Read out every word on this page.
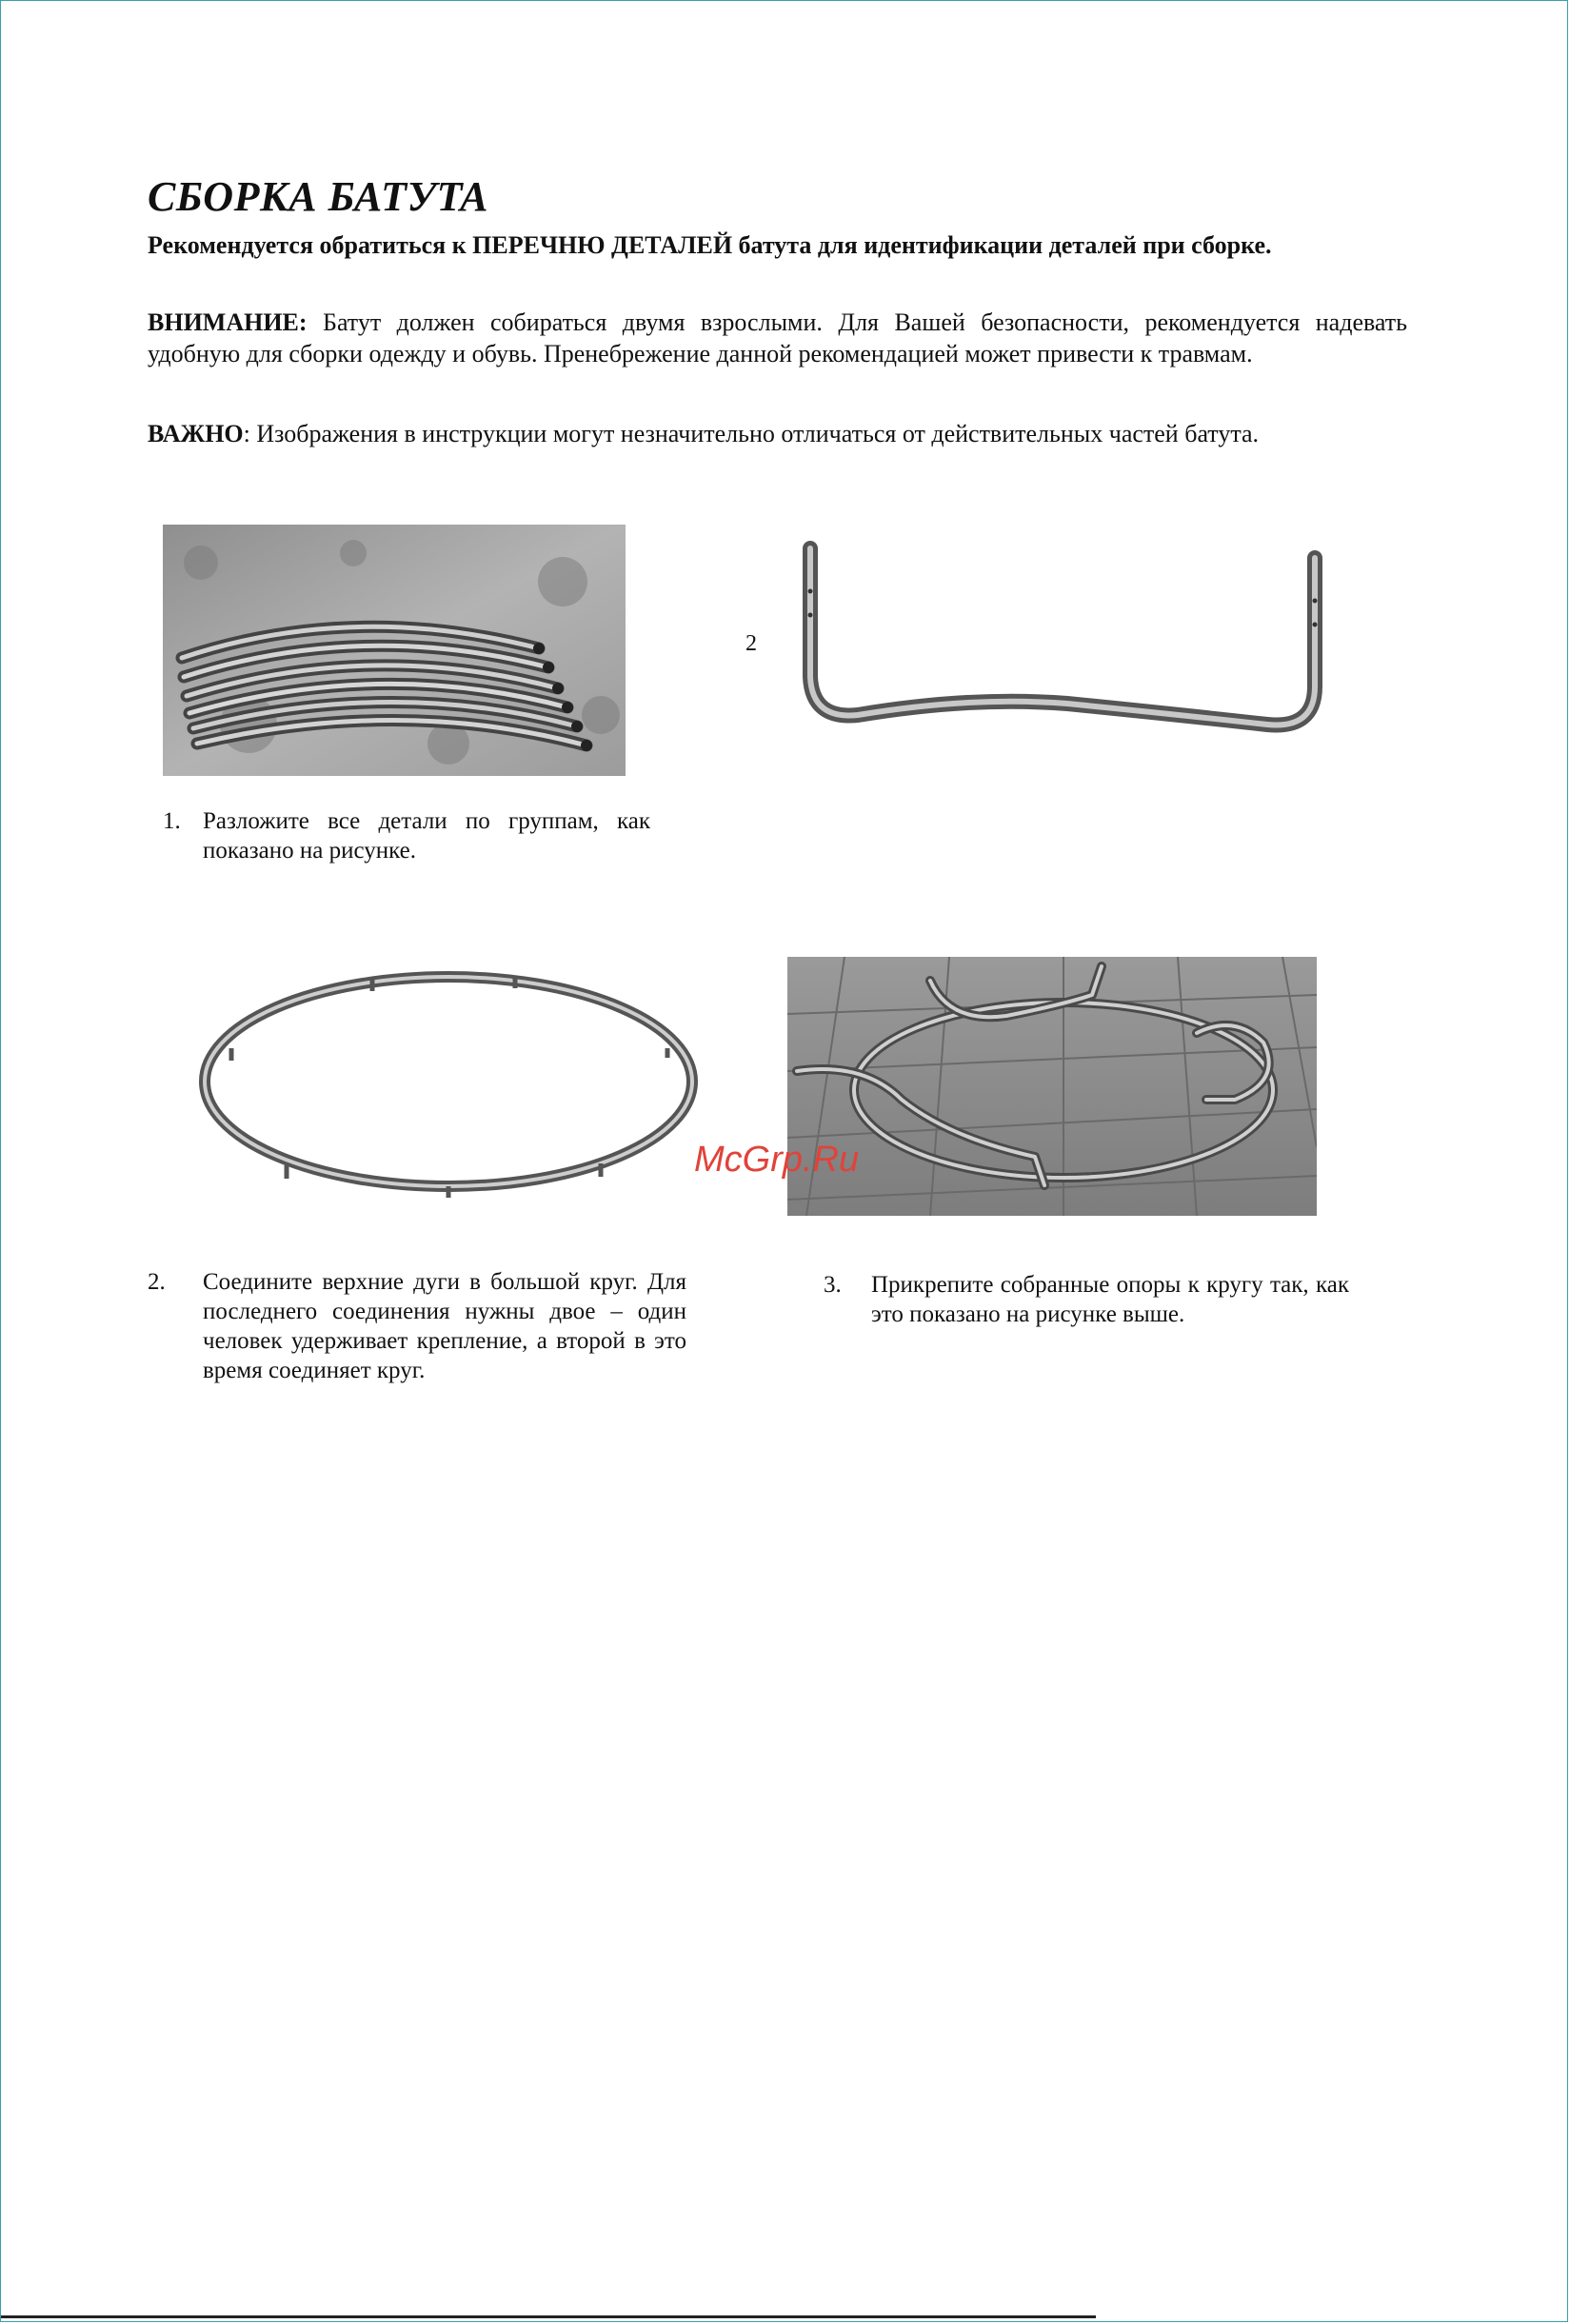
СБОРКА БАТУТА
Рекомендуется обратиться к ПЕРЕЧНЮ ДЕТАЛЕЙ батута для идентификации деталей при сборке.
ВНИМАНИЕ: Батут должен собираться двумя взрослыми. Для Вашей безопасности, рекомендуется надевать удобную для сборки одежду и обувь. Пренебрежение данной рекомендацией может привести к травмам.
ВАЖНО: Изображения в инструкции могут незначительно отличаться от действительных частей батута.
2
1. Разложите все детали по группам, как показано на рисунке.
McGrp.Ru
2. Соедините верхние дуги в большой круг. Для последнего соединения нужны двое – один человек удерживает крепление, а второй в это время соединяет круг.
3. Прикрепите собранные опоры к кругу так, как это показано на рисунке выше.
